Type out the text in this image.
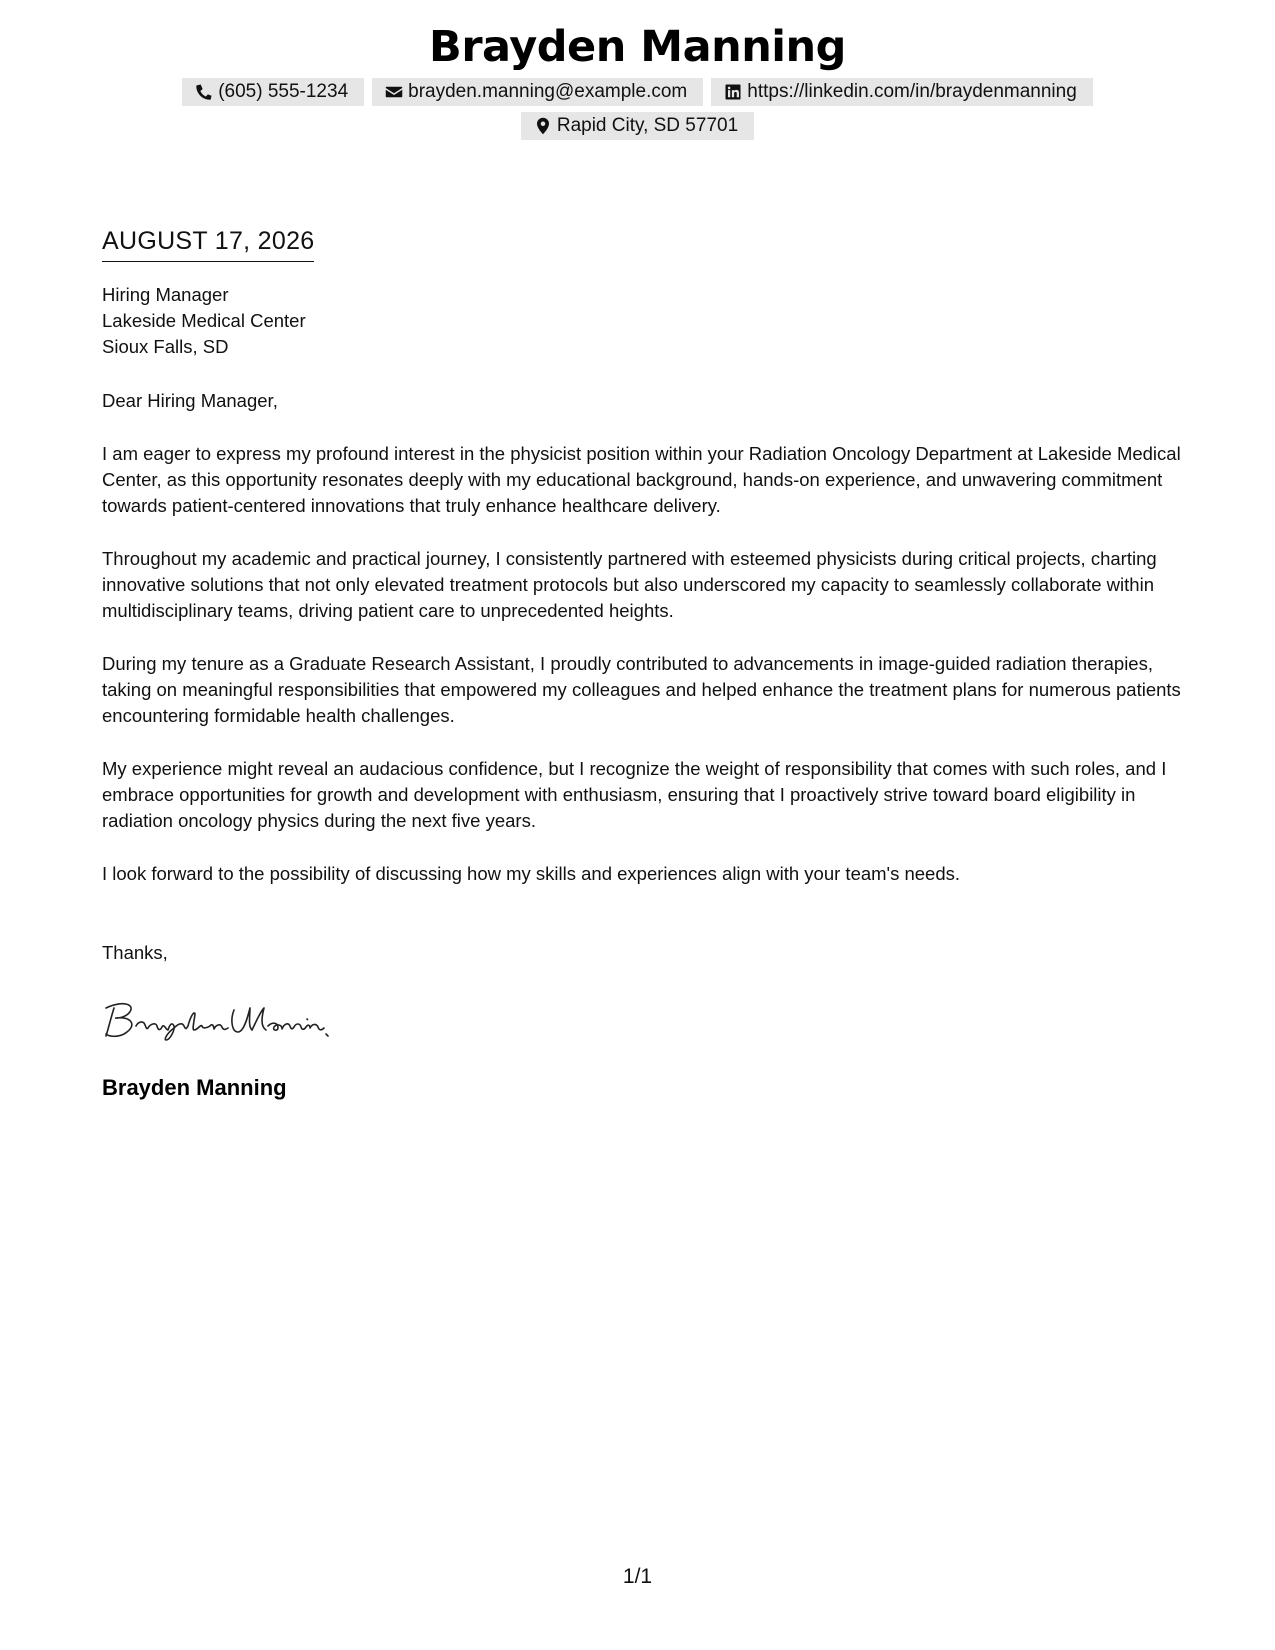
Brayden Manning
(605) 555-1234	brayden.manning@example.com	https://linkedin.com/in/braydenmanning
Rapid City, SD 57701
AUGUST 17, 2026
Hiring Manager
Lakeside Medical Center
Sioux Falls, SD
Dear Hiring Manager,
I am eager to express my profound interest in the physicist position within your Radiation Oncology Department at Lakeside Medical Center, as this opportunity resonates deeply with my educational background, hands-on experience, and unwavering commitment towards patient-centered innovations that truly enhance healthcare delivery.
Throughout my academic and practical journey, I consistently partnered with esteemed physicists during critical projects, charting innovative solutions that not only elevated treatment protocols but also underscored my capacity to seamlessly collaborate within multidisciplinary teams, driving patient care to unprecedented heights.
During my tenure as a Graduate Research Assistant, I proudly contributed to advancements in image-guided radiation therapies, taking on meaningful responsibilities that empowered my colleagues and helped enhance the treatment plans for numerous patients encountering formidable health challenges.
My experience might reveal an audacious confidence, but I recognize the weight of responsibility that comes with such roles, and I embrace opportunities for growth and development with enthusiasm, ensuring that I proactively strive toward board eligibility in radiation oncology physics during the next five years.
I look forward to the possibility of discussing how my skills and experiences align with your team's needs.
Thanks,
Brayden Manning
1/1
